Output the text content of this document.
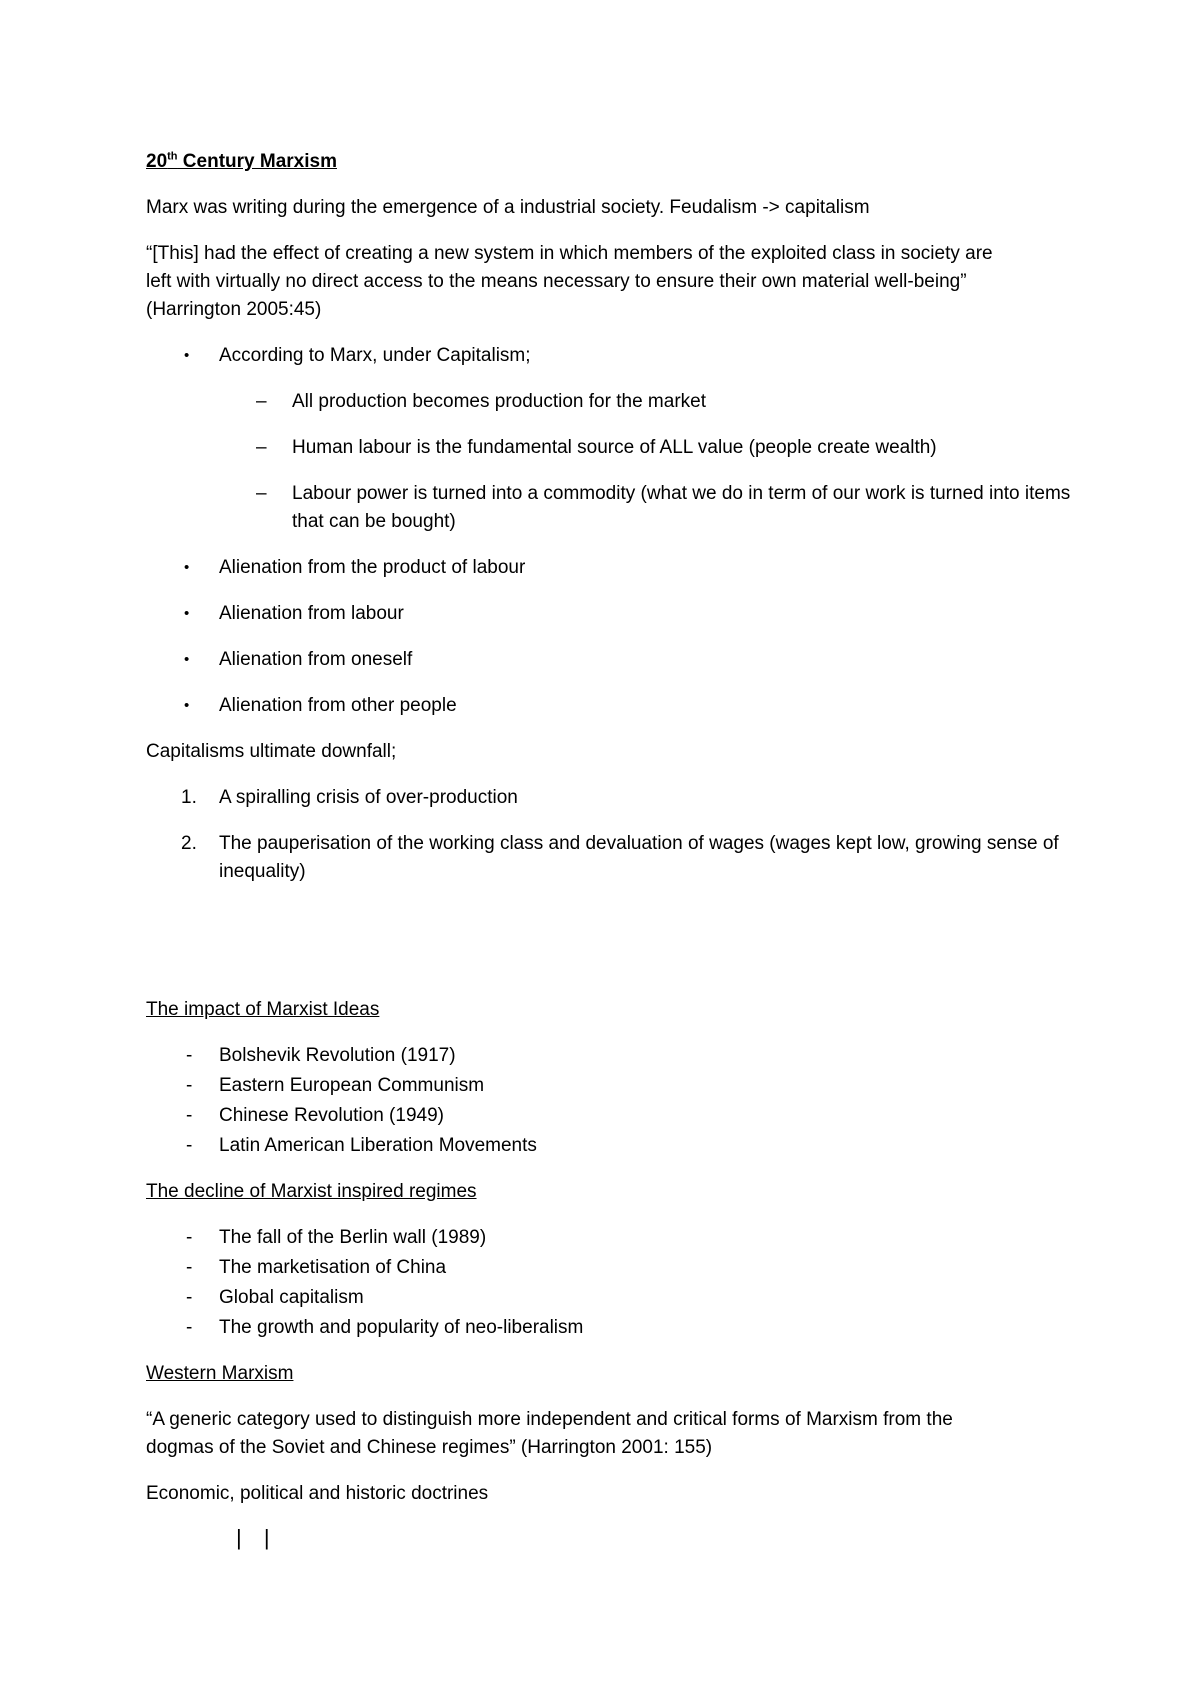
20th Century Marxism
Marx was writing during the emergence of a industrial society. Feudalism -> capitalism
“[This] had the effect of creating a new system in which members of the exploited class in society are
left with virtually no direct access to the means necessary to ensure their own material well-being”
(Harrington 2005:45)
• According to Marx, under Capitalism;
– All production becomes production for the market
– Human labour is the fundamental source of ALL value (people create wealth)
– Labour power is turned into a commodity (what we do in term of our work is turned into items that can be bought)
• Alienation from the product of labour
• Alienation from labour
• Alienation from oneself
• Alienation from other people
Capitalisms ultimate downfall;
1. A spiralling crisis of over-production
2. The pauperisation of the working class and devaluation of wages (wages kept low, growing sense of inequality)
The impact of Marxist Ideas
- Bolshevik Revolution (1917)
- Eastern European Communism
- Chinese Revolution (1949)
- Latin American Liberation Movements
The decline of Marxist inspired regimes
- The fall of the Berlin wall (1989)
- The marketisation of China
- Global capitalism
- The growth and popularity of neo-liberalism
Western Marxism
“A generic category used to distinguish more independent and critical forms of Marxism from the
dogmas of the Soviet and Chinese regimes” (Harrington 2001: 155)
Economic, political and historic doctrines
| |
